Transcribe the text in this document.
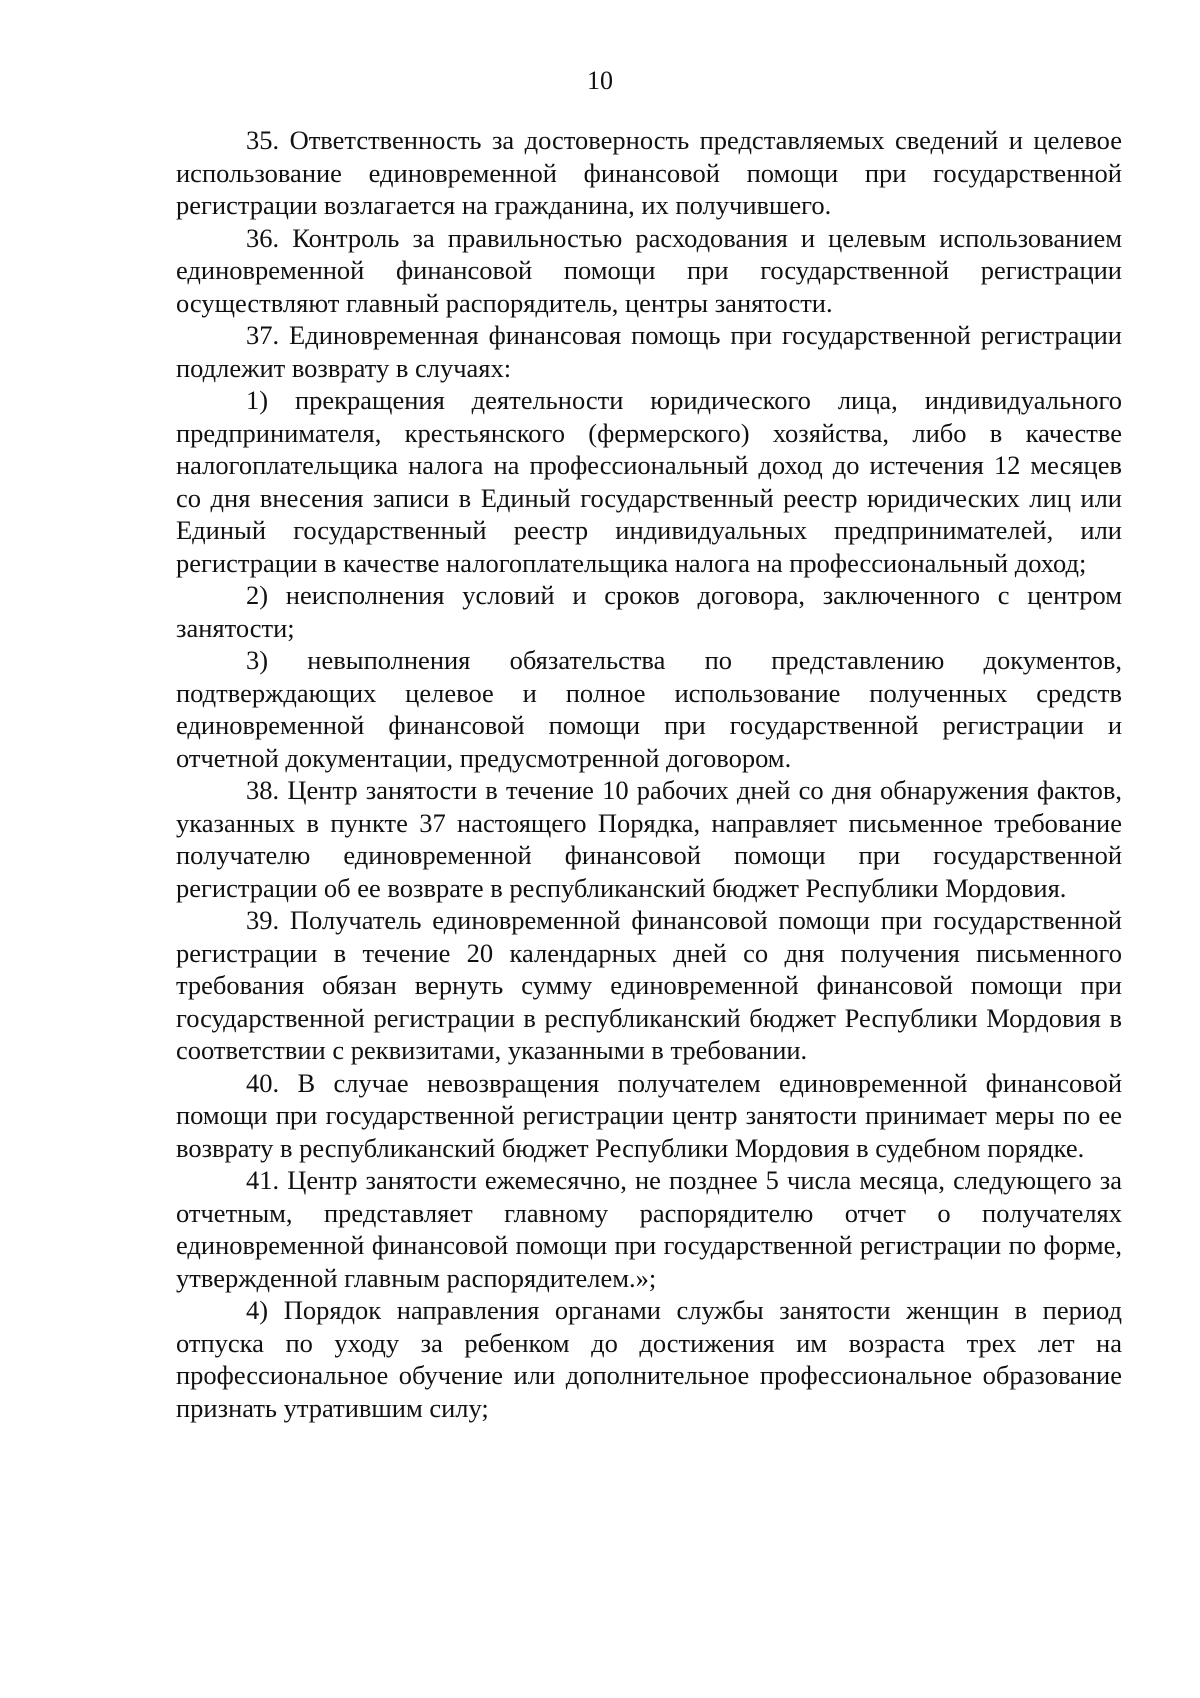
10

35. Ответственность за достоверность представляемых сведений и целевое использование единовременной финансовой помощи при государственной регистрации возлагается на гражданина, их получившего.

36. Контроль за правильностью расходования и целевым использованием единовременной финансовой помощи при государственной регистрации осуществляют главный распорядитель, центры занятости.

37. Единовременная финансовая помощь при государственной регистрации подлежит возврату в случаях:

1) прекращения деятельности юридического лица, индивидуального предпринимателя, крестьянского (фермерского) хозяйства, либо в качестве налогоплательщика налога на профессиональный доход до истечения 12 месяцев со дня внесения записи в Единый государственный реестр юридических лиц или Единый государственный реестр индивидуальных предпринимателей, или регистрации в качестве налогоплательщика налога на профессиональный доход;

2) неисполнения условий и сроков договора, заключенного с центром занятости;

3) невыполнения обязательства по представлению документов, подтверждающих целевое и полное использование полученных средств единовременной финансовой помощи при государственной регистрации и отчетной документации, предусмотренной договором.

38. Центр занятости в течение 10 рабочих дней со дня обнаружения фактов, указанных в пункте 37 настоящего Порядка, направляет письменное требование получателю единовременной финансовой помощи при государственной регистрации об ее возврате в республиканский бюджет Республики Мордовия.

39. Получатель единовременной финансовой помощи при государственной регистрации в течение 20 календарных дней со дня получения письменного требования обязан вернуть сумму единовременной финансовой помощи при государственной регистрации в республиканский бюджет Республики Мордовия в соответствии с реквизитами, указанными в требовании.

40. В случае невозвращения получателем единовременной финансовой помощи при государственной регистрации центр занятости принимает меры по ее возврату в республиканский бюджет Республики Мордовия в судебном порядке.

41. Центр занятости ежемесячно, не позднее 5 числа месяца, следующего за отчетным, представляет главному распорядителю отчет о получателях единовременной финансовой помощи при государственной регистрации по форме, утвержденной главным распорядителем.»;

4) Порядок направления органами службы занятости женщин в период отпуска по уходу за ребенком до достижения им возраста трех лет на профессиональное обучение или дополнительное профессиональное образование признать утратившим силу;
